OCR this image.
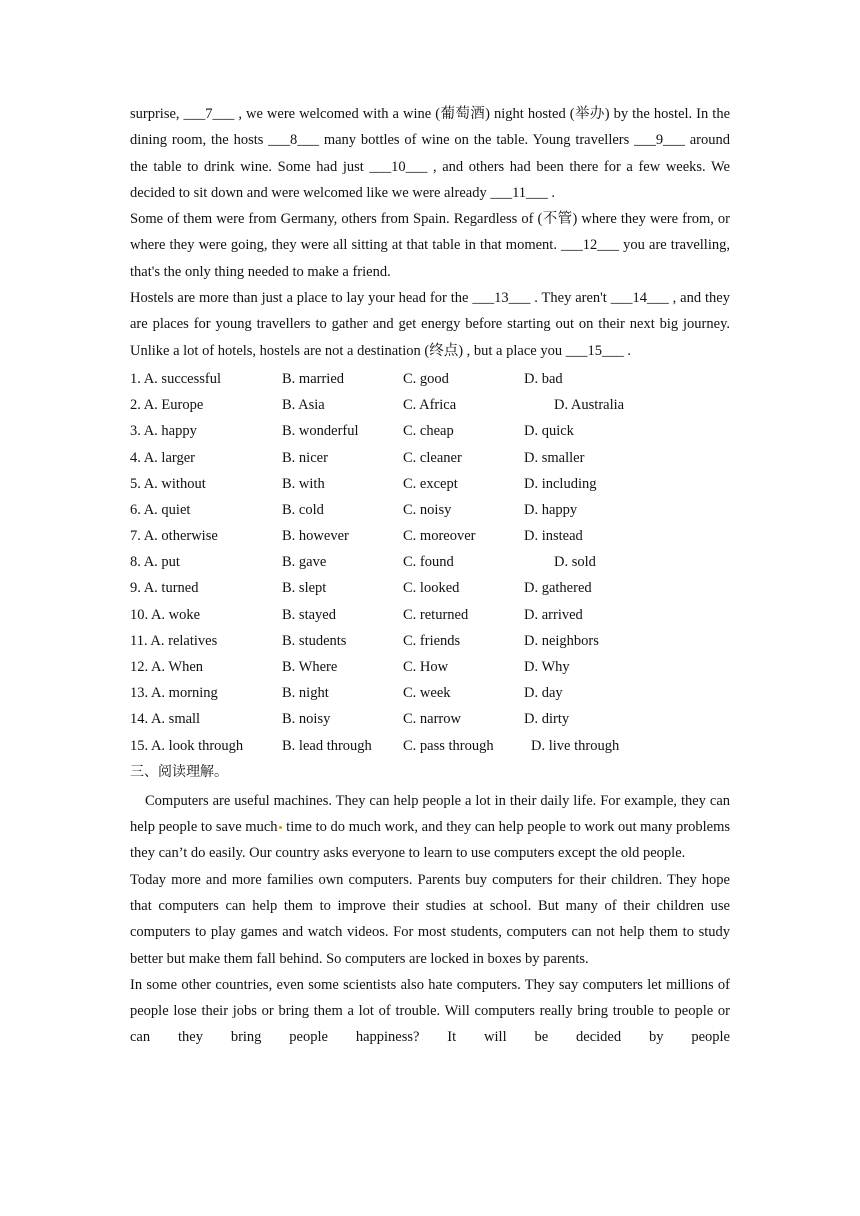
surprise, ___7___ , we were welcomed with a wine (葡萄酒) night hosted (举办) by the hostel. In the dining room, the hosts ___8___ many bottles of wine on the table. Young travellers ___9___ around the table to drink wine. Some had just ___10___ , and others had been there for a few weeks. We decided to sit down and were welcomed like we were already ___11___ .

Some of them were from Germany, others from Spain. Regardless of (不管) where they were from, or where they were going, they were all sitting at that table in that moment. ___12___ you are travelling, that's the only thing needed to make a friend.

Hostels are more than just a place to lay your head for the ___13___ . They aren't ___14___ , and they are places for young travellers to gather and get energy before starting out on their next big journey. Unlike a lot of hotels, hostels are not a destination (终点) , but a place you ___15___ .

1. A. successful	B. married	C. good	D. bad
2. A. Europe	B. Asia	C. Africa	D. Australia
3. A. happy	B. wonderful	C. cheap	D. quick
4. A. larger	B. nicer	C. cleaner	D. smaller
5. A. without	B. with	C. except	D. including
6. A. quiet	B. cold	C. noisy	D. happy
7. A. otherwise	B. however	C. moreover	D. instead
8. A. put	B. gave	C. found	D. sold
9. A. turned	B. slept	C. looked	D. gathered
10. A. woke	B. stayed	C. returned	D. arrived
11. A. relatives	B. students	C. friends	D. neighbors
12. A. When	B. Where	C. How	D. Why
13. A. morning	B. night	C. week	D. day
14. A. small	B. noisy	C. narrow	D. dirty
15. A. look through	B. lead through C. pass through	D. live through

三、阅读理解。

Computers are useful machines. They can help people a lot in their daily life. For example, they can help people to save much time to do much work, and they can help people to work out many problems they can’t do easily. Our country asks everyone to learn to use computers except the old people.

Today more and more families own computers. Parents buy computers for their children. They hope that computers can help them to improve their studies at school. But many of their children use computers to play games and watch videos. For most students, computers can not help them to study better but make them fall behind. So computers are locked in boxes by parents.

In some other countries, even some scientists also hate computers. They say computers let millions of people lose their jobs or bring them a lot of trouble. Will computers really bring trouble to people or can they bring people happiness? It will be decided by people
